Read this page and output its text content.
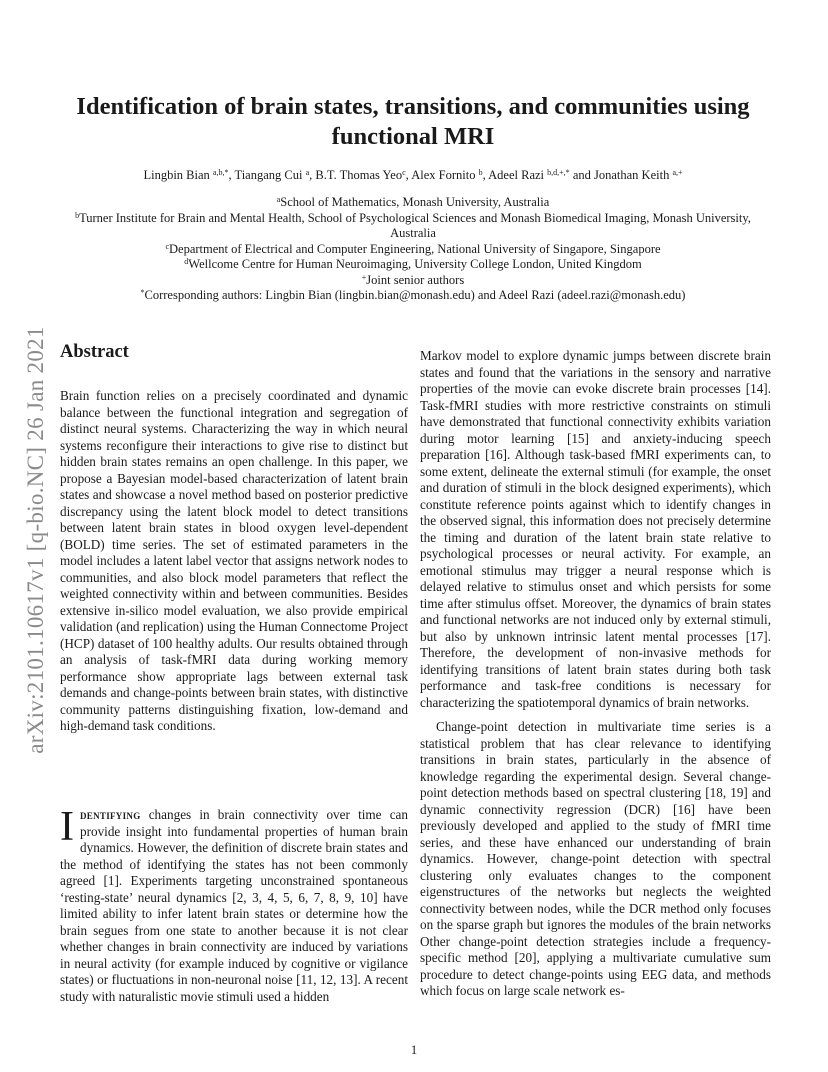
arXiv:2101.10617v1 [q-bio.NC] 26 Jan 2021
Identification of brain states, transitions, and communities using functional MRI
Lingbin Bian $^{a,b,*}$, Tiangang Cui $^a$, B.T. Thomas Yeo$^c$, Alex Fornito $^b$, Adeel Razi $^{b,d,+,*}$ and Jonathan Keith $^{a,+}$
$^a$School of Mathematics, Monash University, Australia
$^b$Turner Institute for Brain and Mental Health, School of Psychological Sciences and Monash Biomedical Imaging, Monash University, Australia
$^c$Department of Electrical and Computer Engineering, National University of Singapore, Singapore
$^d$Wellcome Centre for Human Neuroimaging, University College London, United Kingdom
+Joint senior authors
*Corresponding authors: Lingbin Bian (lingbin.bian@monash.edu) and Adeel Razi (adeel.razi@monash.edu)
Abstract

Brain function relies on a precisely coordinated and dynamic balance between the functional integration and segregation of distinct neural systems. Characterizing the way in which neural systems reconfigure their interactions to give rise to distinct but hidden brain states remains an open challenge. In this paper, we propose a Bayesian model-based characterization of latent brain states and showcase a novel method based on posterior predictive discrepancy using the latent block model to detect transitions between latent brain states in blood oxygen level-dependent (BOLD) time series. The set of estimated parameters in the model includes a latent label vector that assigns network nodes to communities, and also block model parameters that reflect the weighted connectivity within and between communities. Besides extensive in-silico model evaluation, we also provide empirical validation (and replication) using the Human Connectome Project (HCP) dataset of 100 healthy adults. Our results obtained through an analysis of task-fMRI data during working memory performance show appropriate lags between external task demands and change-points between brain states, with distinctive community patterns distinguishing fixation, low-demand and high-demand task conditions.

Identifying changes in brain connectivity over time can provide insight into fundamental properties of human brain dynamics. However, the definition of discrete brain states and the method of identifying the states has not been commonly agreed [1]. Experiments targeting unconstrained spontaneous ‘resting-state’ neural dynamics [2, 3, 4, 5, 6, 7, 8, 9, 10] have limited ability to infer latent brain states or determine how the brain segues from one state to another because it is not clear whether changes in brain connectivity are induced by variations in neural activity (for example induced by cognitive or vigilance states) or fluctuations in non-neuronal noise [11, 12, 13]. A recent study with naturalistic movie stimuli used a hidden

Markov model to explore dynamic jumps between discrete brain states and found that the variations in the sensory and narrative properties of the movie can evoke discrete brain processes [14]. Task-fMRI studies with more restrictive constraints on stimuli have demonstrated that functional connectivity exhibits variation during motor learning [15] and anxiety-inducing speech preparation [16]. Although task-based fMRI experiments can, to some extent, delineate the external stimuli (for example, the onset and duration of stimuli in the block designed experiments), which constitute reference points against which to identify changes in the observed signal, this information does not precisely determine the timing and duration of the latent brain state relative to psychological processes or neural activity. For example, an emotional stimulus may trigger a neural response which is delayed relative to stimulus onset and which persists for some time after stimulus offset. Moreover, the dynamics of brain states and functional networks are not induced only by external stimuli, but also by unknown intrinsic latent mental processes [17]. Therefore, the development of non-invasive methods for identifying transitions of latent brain states during both task performance and task-free conditions is necessary for characterizing the spatiotemporal dynamics of brain networks.

Change-point detection in multivariate time series is a statistical problem that has clear relevance to identifying transitions in brain states, particularly in the absence of knowledge regarding the experimental design. Several change-point detection methods based on spectral clustering [18, 19] and dynamic connectivity regression (DCR) [16] have been previously developed and applied to the study of fMRI time series, and these have enhanced our understanding of brain dynamics. However, change-point detection with spectral clustering only evaluates changes to the component eigenstructures of the networks but neglects the weighted connectivity between nodes, while the DCR method only focuses on the sparse graph but ignores the modules of the brain networks Other change-point detection strategies include a frequency-specific method [20], applying a multivariate cumulative sum procedure to detect change-points using EEG data, and methods which focus on large scale network es-

1
